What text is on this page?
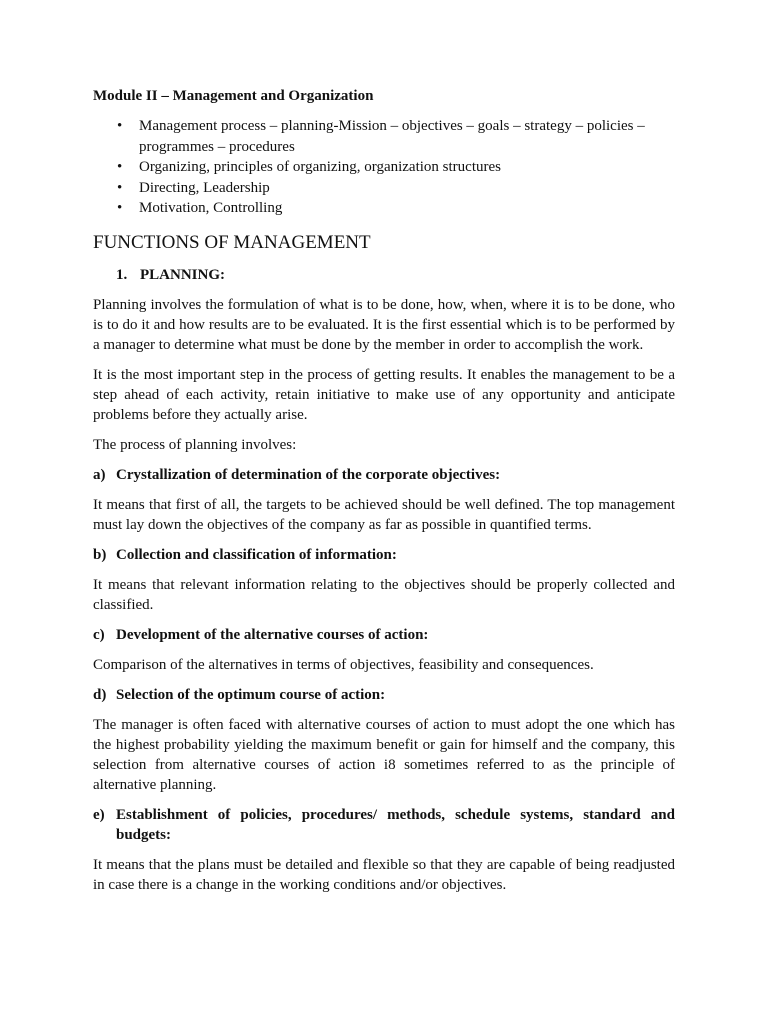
Module II – Management and Organization
• Management process – planning-Mission – objectives – goals – strategy – policies – programmes – procedures
• Organizing, principles of organizing, organization structures
• Directing, Leadership
• Motivation, Controlling
FUNCTIONS OF MANAGEMENT
1. PLANNING:

Planning involves the formulation of what is to be done, how, when, where it is to be done, who is to do it and how results are to be evaluated. It is the first essential which is to be performed by a manager to determine what must be done by the member in order to accomplish the work.

It is the most important step in the process of getting results. It enables the management to be a step ahead of each activity, retain initiative to make use of any opportunity and anticipate problems before they actually arise.

The process of planning involves:

a) Crystallization of determination of the corporate objectives:

It means that first of all, the targets to be achieved should be well defined. The top management must lay down the objectives of the company as far as possible in quantified terms.

b) Collection and classification of information:

It means that relevant information relating to the objectives should be properly collected and classified.

c) Development of the alternative courses of action:

Comparison of the alternatives in terms of objectives, feasibility and consequences.

d) Selection of the optimum course of action:

The manager is often faced with alternative courses of action to must adopt the one which has the highest probability yielding the maximum benefit or gain for himself and the company, this selection from alternative courses of action i8 sometimes referred to as the principle of alternative planning.

e) Establishment of policies, procedures/ methods, schedule systems, standard and budgets:

It means that the plans must be detailed and flexible so that they are capable of being readjusted in case there is a change in the working conditions and/or objectives.
